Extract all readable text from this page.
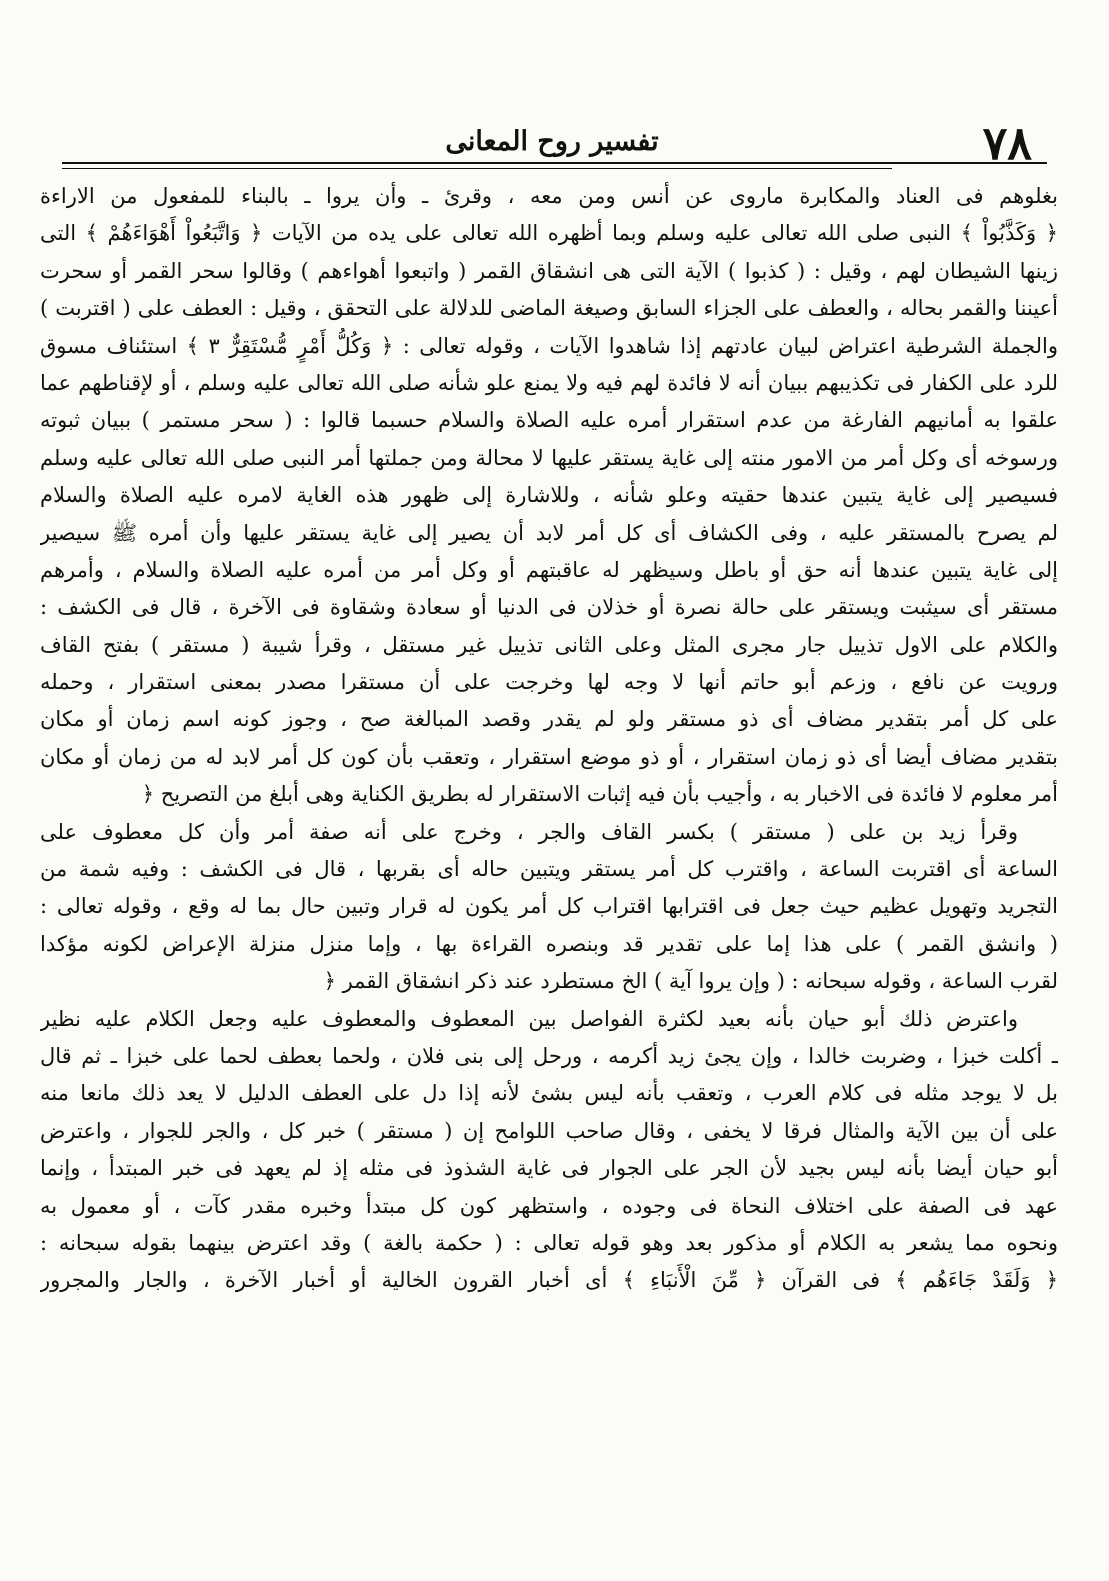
٧٨
تفسير روح المعانى
بغلوهم فى العناد والمكابرة ماروى عن أنس ومن معه ، وقرئ ـ وأن يروا ـ بالبناء للمفعول من الاراءة
﴿ وَكَذَّبُواْ ﴾ النبى صلى الله تعالى عليه وسلم وبما أظهره الله تعالى على يده من الآيات ﴿ وَاتَّبَعُواْ أَهْوَاءَهُمْ ﴾ التى
زينها الشيطان لهم ، وقيل : ( كذبوا ) الآية التى هى انشقاق القمر ( واتبعوا أهواءهم ) وقالوا سحر القمر أو سحرت
أعيننا والقمر بحاله ، والعطف على الجزاء السابق وصيغة الماضى للدلالة على التحقق ، وقيل : العطف على ( اقتربت )
والجملة الشرطية اعتراض لبيان عادتهم إذا شاهدوا الآيات ، وقوله تعالى : ﴿ وَكُلُّ أَمْرٍ مُّسْتَقِرٌّ ٣ ﴾ استئناف مسوق
للرد على الكفار فى تكذيبهم ببيان أنه لا فائدة لهم فيه ولا يمنع علو شأنه صلى الله تعالى عليه وسلم ، أو لإقناطهم عما
علقوا به أمانيهم الفارغة من عدم استقرار أمره عليه الصلاة والسلام حسبما قالوا : ( سحر مستمر ) ببيان ثبوته
ورسوخه أى وكل أمر من الامور منته إلى غاية يستقر عليها لا محالة ومن جملتها أمر النبى صلى الله تعالى عليه وسلم
فسيصير إلى غاية يتبين عندها حقيته وعلو شأنه ، وللاشارة إلى ظهور هذه الغاية لامره عليه الصلاة والسلام
لم يصرح بالمستقر عليه ، وفى الكشاف أى كل أمر لابد أن يصير إلى غاية يستقر عليها وأن أمره ﷺ سيصير
إلى غاية يتبين عندها أنه حق أو باطل وسيظهر له عاقبتهم أو وكل أمر من أمره عليه الصلاة والسلام ، وأمرهم
مستقر أى سيثبت ويستقر على حالة نصرة أو خذلان فى الدنيا أو سعادة وشقاوة فى الآخرة ، قال فى الكشف :
والكلام على الاول تذييل جار مجرى المثل وعلى الثانى تذييل غير مستقل ، وقرأ شيبة ( مستقر ) بفتح القاف
ورويت عن نافع ، وزعم أبو حاتم أنها لا وجه لها وخرجت على أن مستقرا مصدر بمعنى استقرار ، وحمله
على كل أمر بتقدير مضاف أى ذو مستقر ولو لم يقدر وقصد المبالغة صح ، وجوز كونه اسم زمان أو مكان
بتقدير مضاف أيضا أى ذو زمان استقرار ، أو ذو موضع استقرار ، وتعقب بأن كون كل أمر لابد له من زمان أو مكان
أمر معلوم لا فائدة فى الاخبار به ، وأجيب بأن فيه إثبات الاستقرار له بطريق الكناية وهى أبلغ من التصريح ﴿
وقرأ زيد بن على ( مستقر ) بكسر القاف والجر ، وخرج على أنه صفة أمر وأن كل معطوف على
الساعة أى اقتربت الساعة ، واقترب كل أمر يستقر ويتبين حاله أى بقربها ، قال فى الكشف : وفيه شمة من
التجريد وتهويل عظيم حيث جعل فى اقترابها اقتراب كل أمر يكون له قرار وتبين حال بما له وقع ، وقوله تعالى :
( وانشق القمر ) على هذا إما على تقدير قد وبنصره القراءة بها ، وإما منزل منزلة الإعراض لكونه مؤكدا
لقرب الساعة ، وقوله سبحانه : ( وإن يروا آية ) الخ مستطرد عند ذكر انشقاق القمر ﴿
واعترض ذلك أبو حيان بأنه بعيد لكثرة الفواصل بين المعطوف والمعطوف عليه وجعل الكلام عليه نظير
ـ أكلت خبزا ، وضربت خالدا ، وإن يجئ زيد أكرمه ، ورحل إلى بنى فلان ، ولحما بعطف لحما على خبزا ـ ثم قال
بل لا يوجد مثله فى كلام العرب ، وتعقب بأنه ليس بشئ لأنه إذا دل على العطف الدليل لا يعد ذلك مانعا منه
على أن بين الآية والمثال فرقا لا يخفى ، وقال صاحب اللوامح إن ( مستقر ) خبر كل ، والجر للجوار ، واعترض
أبو حيان أيضا بأنه ليس بجيد لأن الجر على الجوار فى غاية الشذوذ فى مثله إذ لم يعهد فى خبر المبتدأ ، وإنما
عهد فى الصفة على اختلاف النحاة فى وجوده ، واستظهر كون كل مبتدأ وخبره مقدر كآت ، أو معمول به
ونحوه مما يشعر به الكلام أو مذكور بعد وهو قوله تعالى : ( حكمة بالغة ) وقد اعترض بينهما بقوله سبحانه :
﴿ وَلَقَدْ جَاءَهُم ﴾ فى القرآن ﴿ مِّنَ الْأَنبَاءِ ﴾ أى أخبار القرون الخالية أو أخبار الآخرة ، والجار والمجرور
